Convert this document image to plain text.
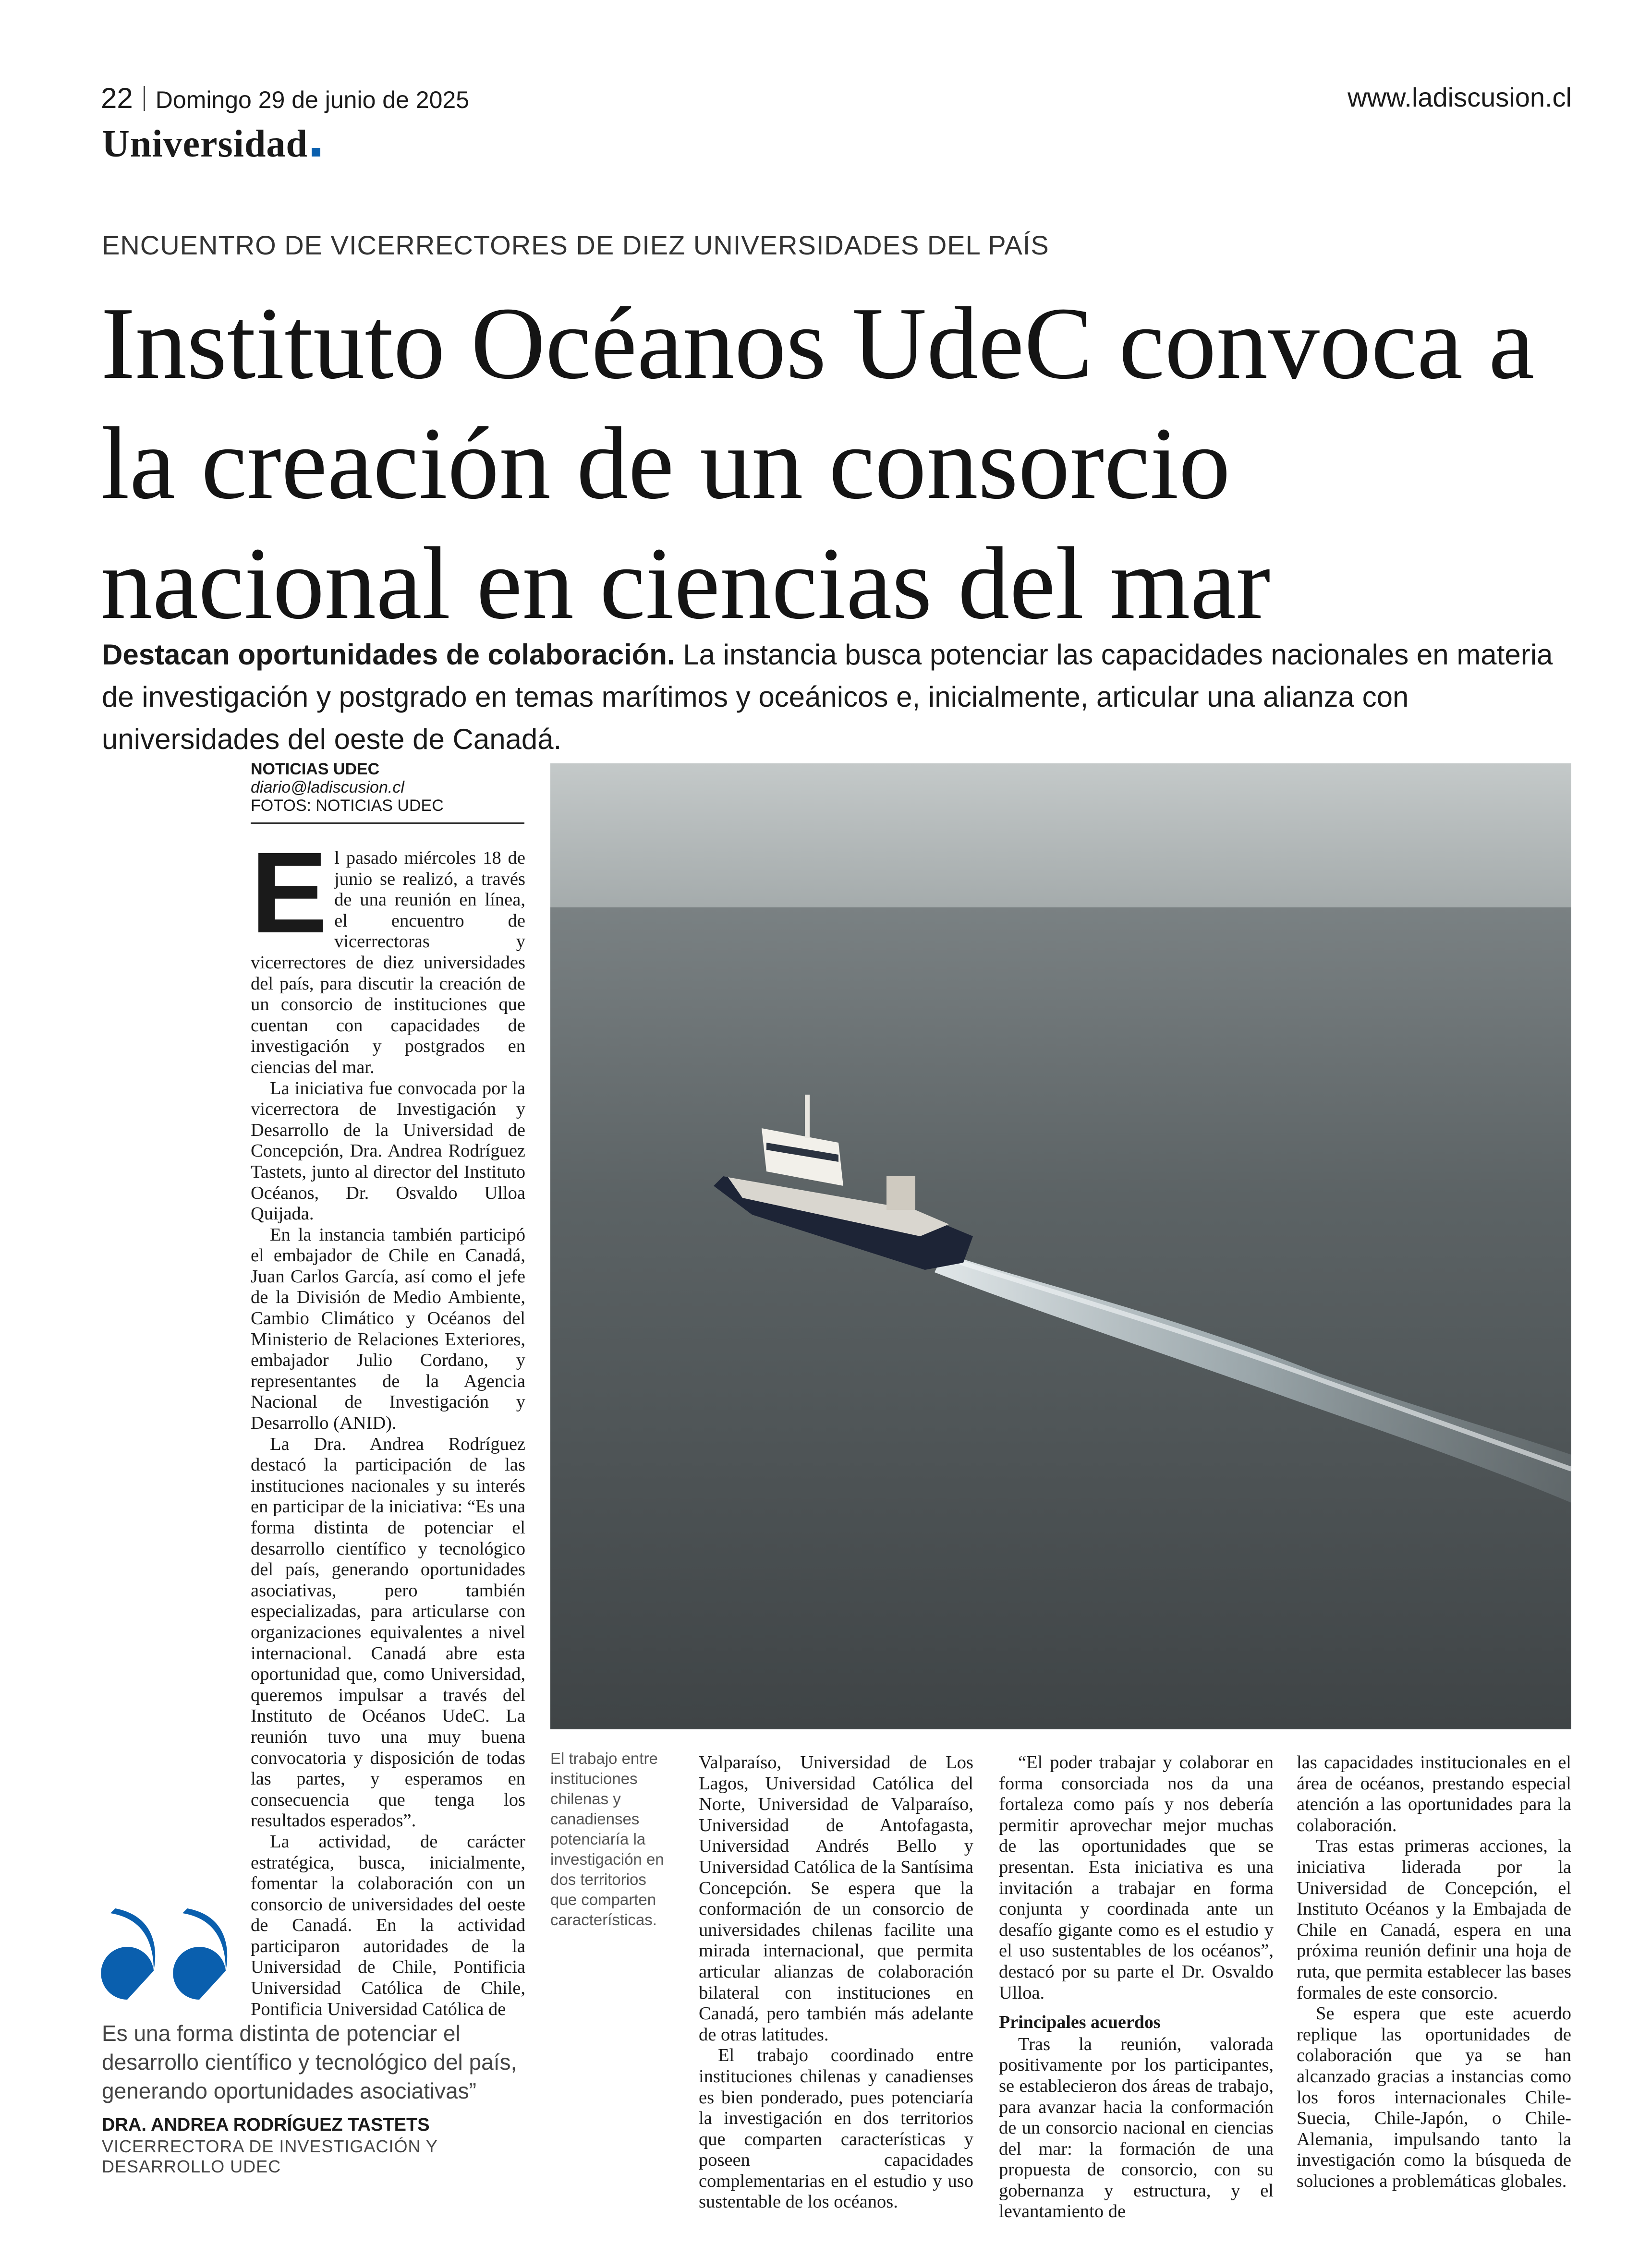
22 Domingo 29 de junio de 2025	www.ladiscusion.cl
Universidad
ENCUENTRO DE VICERRECTORES DE DIEZ UNIVERSIDADES DEL PAÍS
Instituto Océanos UdeC convoca a la creación de un consorcio nacional en ciencias del mar
Destacan oportunidades de colaboración. La instancia busca potenciar las capacidades nacionales en materia de investigación y postgrado en temas marítimos y oceánicos e, inicialmente, articular una alianza con universidades del oeste de Canadá.
NOTICIAS UDEC
diario@ladiscusion.cl
FOTOS: NOTICIAS UDEC
E l pasado miércoles 18 de junio se realizó, a través de una reunión en línea, el encuentro de vicerrectoras y vicerrectores de diez universidades del país, para discutir la creación de un consorcio de instituciones que cuentan con capacidades de investigación y postgrados en ciencias del mar.

La iniciativa fue convocada por la vicerrectora de Investigación y Desarrollo de la Universidad de Concepción, Dra. Andrea Rodríguez Tastets, junto al director del Instituto Océanos, Dr. Osvaldo Ulloa Quijada.

En la instancia también participó el embajador de Chile en Canadá, Juan Carlos García, así como el jefe de la División de Medio Ambiente, Cambio Climático y Océanos del Ministerio de Relaciones Exteriores, embajador Julio Cordano, y representantes de la Agencia Nacional de Investigación y Desarrollo (ANID).

La Dra. Andrea Rodríguez destacó la participación de las instituciones nacionales y su interés en participar de la iniciativa: “Es una forma distinta de potenciar el desarrollo científico y tecnológico del país, generando oportunidades asociativas, pero también especializadas, para articularse con organizaciones equivalentes a nivel internacional. Canadá abre esta oportunidad que, como Universidad, queremos impulsar a través del Instituto de Océanos UdeC. La reunión tuvo una muy buena convocatoria y disposición de todas las partes, y esperamos en consecuencia que tenga los resultados esperados”.

La actividad, de carácter estratégica, busca, inicialmente, fomentar la colaboración con un consorcio de universidades del oeste de Canadá. En la actividad participaron autoridades de la Universidad de Chile, Pontificia Universidad Católica de Chile, Pontificia Universidad Católica de

El trabajo entre instituciones chilenas y canadienses potenciaría la investigación en dos territorios que comparten características.

Valparaíso, Universidad de Los Lagos, Universidad Católica del Norte, Universidad de Valparaíso, Universidad de Antofagasta, Universidad Andrés Bello y Universidad Católica de la Santísima Concepción. Se espera que la conformación de un consorcio de universidades chilenas facilite una mirada internacional, que permita articular alianzas de colaboración bilateral con instituciones en Canadá, pero también más adelante de otras latitudes.

El trabajo coordinado entre instituciones chilenas y canadienses es bien ponderado, pues potenciaría la investigación en dos territorios que comparten características y poseen capacidades complementarias en el estudio y uso sustentable de los océanos.

“El poder trabajar y colaborar en forma consorciada nos da una fortaleza como país y nos debería permitir aprovechar mejor muchas de las oportunidades que se presentan. Esta iniciativa es una invitación a trabajar en forma conjunta y coordinada ante un desafío gigante como es el estudio y el uso sustentables de los océanos”, destacó por su parte el Dr. Osvaldo Ulloa.

Principales acuerdos

Tras la reunión, valorada positivamente por los participantes, se establecieron dos áreas de trabajo, para avanzar hacia la conformación de un consorcio nacional en ciencias del mar: la formación de una propuesta de consorcio, con su gobernanza y estructura, y el levantamiento de

las capacidades institucionales en el área de océanos, prestando especial atención a las oportunidades para la colaboración.

Tras estas primeras acciones, la iniciativa liderada por la Universidad de Concepción, el Instituto Océanos y la Embajada de Chile en Canadá, espera en una próxima reunión definir una hoja de ruta, que permita establecer las bases formales de este consorcio.

Se espera que este acuerdo replique las oportunidades de colaboración que ya se han alcanzado gracias a instancias como los foros internacionales Chile-Suecia, Chile-Japón, o Chile-Alemania, impulsando tanto la investigación como la búsqueda de soluciones a problemáticas globales.

Es una forma distinta de potenciar el desarrollo científico y tecnológico del país, generando oportunidades asociativas”
DRA. ANDREA RODRÍGUEZ TASTETS
VICERRECTORA DE INVESTIGACIÓN Y DESARROLLO UDEC
